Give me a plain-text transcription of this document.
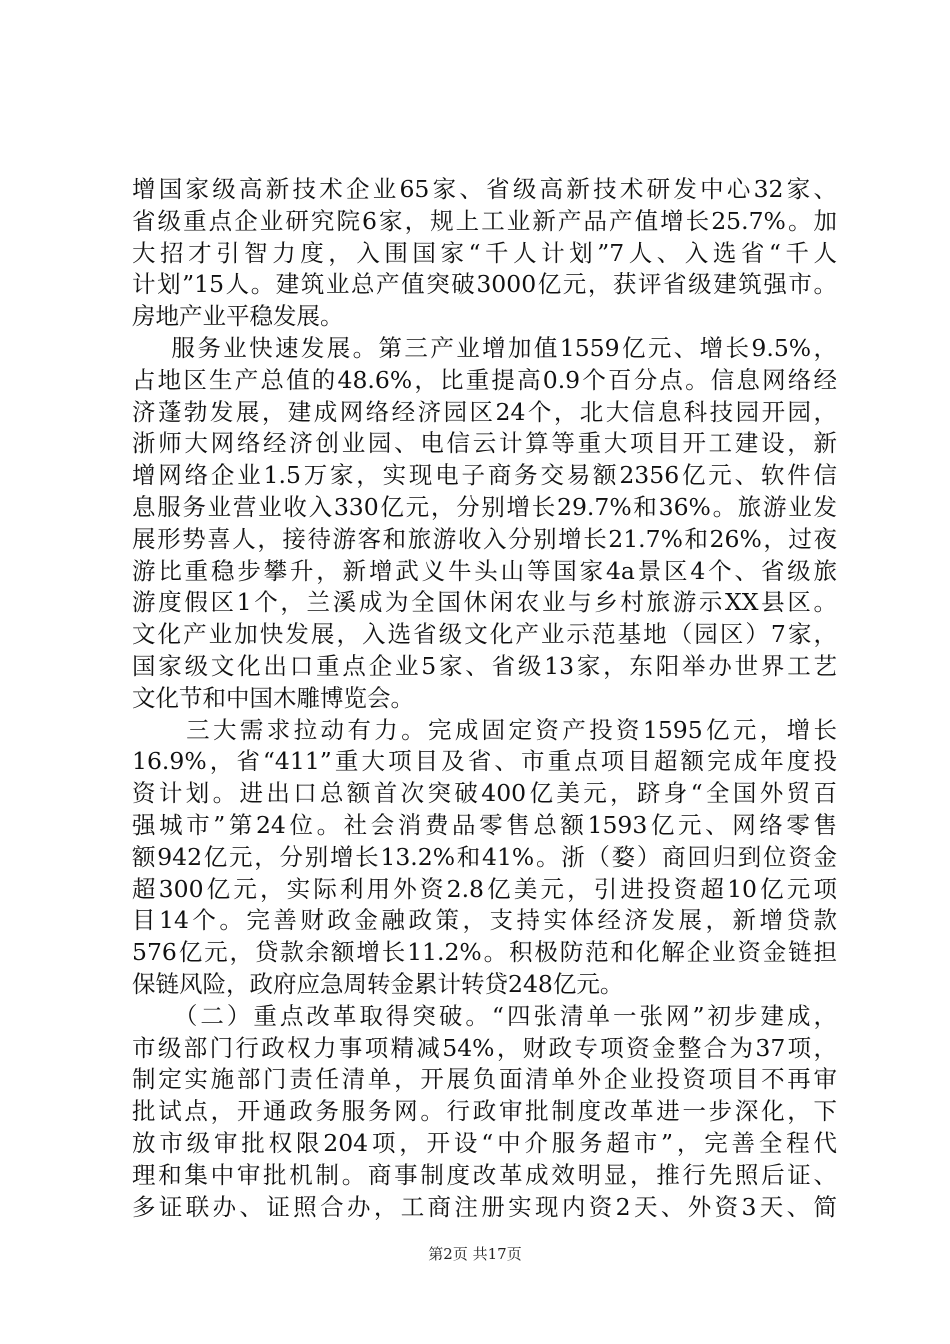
增国家级高新技术企业65家、省级高新技术研发中心32家、
省级重点企业研究院6家，规上工业新产品产值增长25.7%。加
大招才引智力度，入围国家“千人计划”7人、入选省“千人
计划”15人。建筑业总产值突破3000亿元，获评省级建筑强市。
房地产业平稳发展。
服务业快速发展。第三产业增加值1559亿元、增长9.5%，
占地区生产总值的48.6%，比重提高0.9个百分点。信息网络经
济蓬勃发展，建成网络经济园区24个，北大信息科技园开园，
浙师大网络经济创业园、电信云计算等重大项目开工建设，新
增网络企业1.5万家，实现电子商务交易额2356亿元、软件信
息服务业营业收入330亿元，分别增长29.7%和36%。旅游业发
展形势喜人，接待游客和旅游收入分别增长21.7%和26%，过夜
游比重稳步攀升，新增武义牛头山等国家4a景区4个、省级旅
游度假区1个，兰溪成为全国休闲农业与乡村旅游示XX县区。
文化产业加快发展，入选省级文化产业示范基地（园区）7家，
国家级文化出口重点企业5家、省级13家，东阳举办世界工艺
文化节和中国木雕博览会。
三大需求拉动有力。完成固定资产投资1595亿元，增长
16.9%，省“411”重大项目及省、市重点项目超额完成年度投
资计划。进出口总额首次突破400亿美元，跻身“全国外贸百
强城市”第24位。社会消费品零售总额1593亿元、网络零售
额942亿元，分别增长13.2%和41%。浙（婺）商回归到位资金
超300亿元，实际利用外资2.8亿美元，引进投资超10亿元项
目14个。完善财政金融政策，支持实体经济发展，新增贷款
576亿元，贷款余额增长11.2%。积极防范和化解企业资金链担
保链风险，政府应急周转金累计转贷248亿元。
（二）重点改革取得突破。“四张清单一张网”初步建成，
市级部门行政权力事项精减54%，财政专项资金整合为37项，
制定实施部门责任清单，开展负面清单外企业投资项目不再审
批试点，开通政务服务网。行政审批制度改革进一步深化，下
放市级审批权限204项，开设“中介服务超市”，完善全程代
理和集中审批机制。商事制度改革成效明显，推行先照后证、
多证联办、证照合办，工商注册实现内资2天、外资3天、简
第2页 共17页
